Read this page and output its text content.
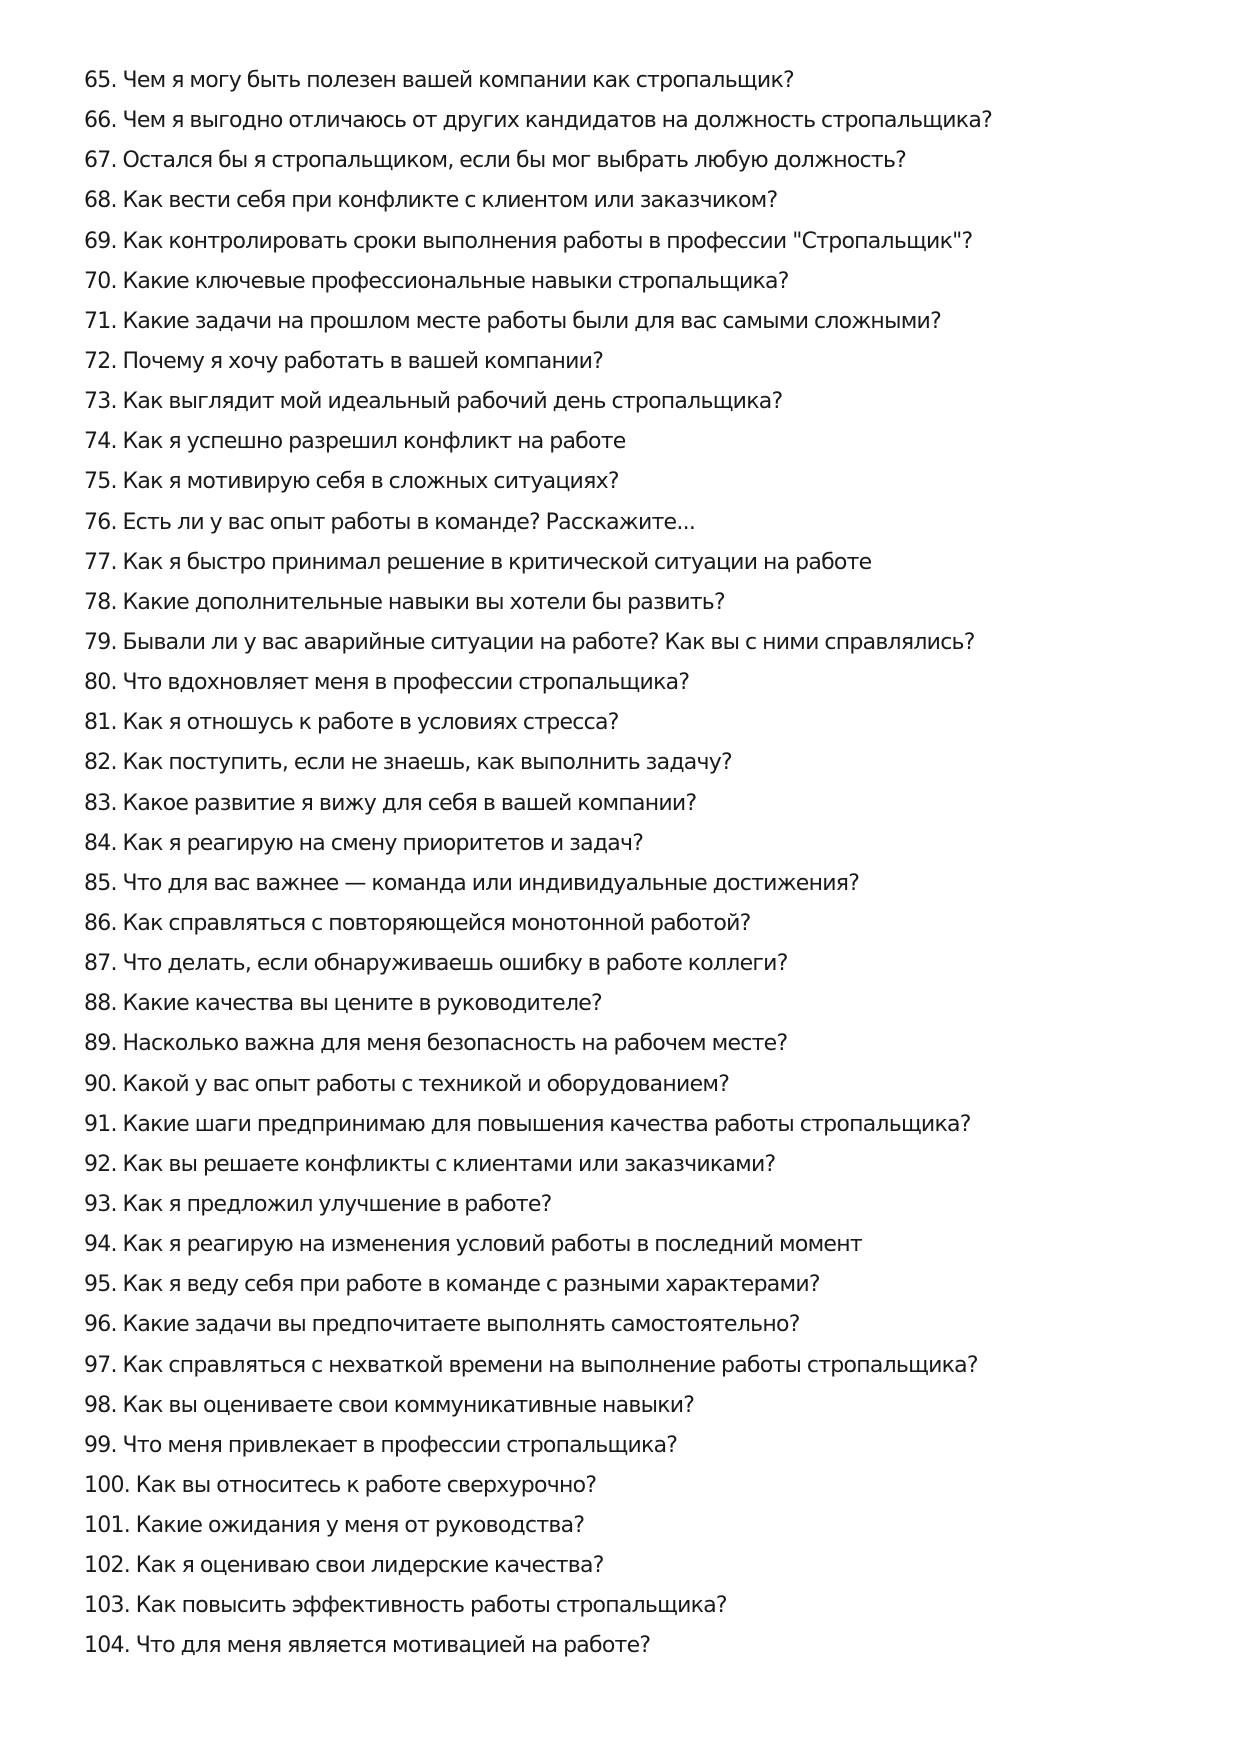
65. Чем я могу быть полезен вашей компании как стропальщик?
66. Чем я выгодно отличаюсь от других кандидатов на должность стропальщика?
67. Остался бы я стропальщиком, если бы мог выбрать любую должность?
68. Как вести себя при конфликте с клиентом или заказчиком?
69. Как контролировать сроки выполнения работы в профессии "Стропальщик"?
70. Какие ключевые профессиональные навыки стропальщика?
71. Какие задачи на прошлом месте работы были для вас самыми сложными?
72. Почему я хочу работать в вашей компании?
73. Как выглядит мой идеальный рабочий день стропальщика?
74. Как я успешно разрешил конфликт на работе
75. Как я мотивирую себя в сложных ситуациях?
76. Есть ли у вас опыт работы в команде? Расскажите...
77. Как я быстро принимал решение в критической ситуации на работе
78. Какие дополнительные навыки вы хотели бы развить?
79. Бывали ли у вас аварийные ситуации на работе? Как вы с ними справлялись?
80. Что вдохновляет меня в профессии стропальщика?
81. Как я отношусь к работе в условиях стресса?
82. Как поступить, если не знаешь, как выполнить задачу?
83. Какое развитие я вижу для себя в вашей компании?
84. Как я реагирую на смену приоритетов и задач?
85. Что для вас важнее — команда или индивидуальные достижения?
86. Как справляться с повторяющейся монотонной работой?
87. Что делать, если обнаруживаешь ошибку в работе коллеги?
88. Какие качества вы цените в руководителе?
89. Насколько важна для меня безопасность на рабочем месте?
90. Какой у вас опыт работы с техникой и оборудованием?
91. Какие шаги предпринимаю для повышения качества работы стропальщика?
92. Как вы решаете конфликты с клиентами или заказчиками?
93. Как я предложил улучшение в работе?
94. Как я реагирую на изменения условий работы в последний момент
95. Как я веду себя при работе в команде с разными характерами?
96. Какие задачи вы предпочитаете выполнять самостоятельно?
97. Как справляться с нехваткой времени на выполнение работы стропальщика?
98. Как вы оцениваете свои коммуникативные навыки?
99. Что меня привлекает в профессии стропальщика?
100. Как вы относитесь к работе сверхурочно?
101. Какие ожидания у меня от руководства?
102. Как я оцениваю свои лидерские качества?
103. Как повысить эффективность работы стропальщика?
104. Что для меня является мотивацией на работе?
